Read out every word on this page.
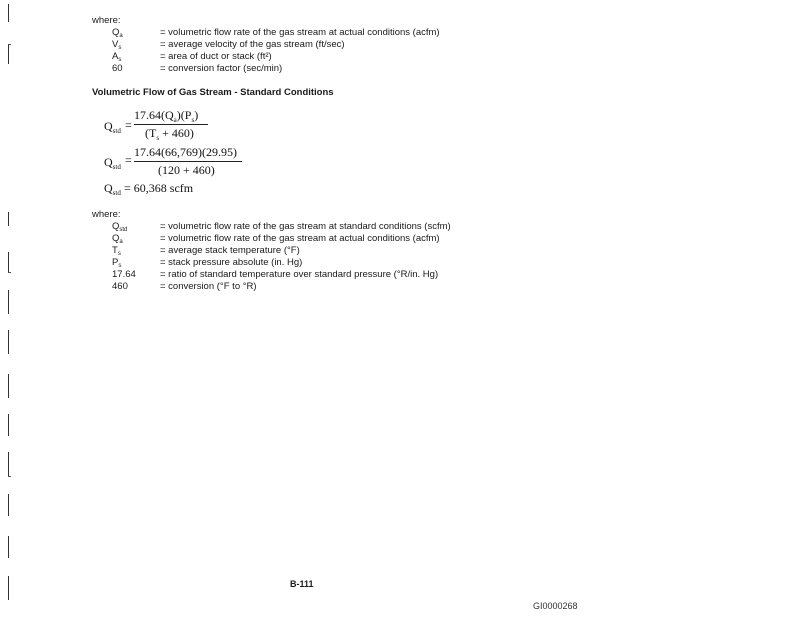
where:
$Q_a$	= volumetric flow rate of the gas stream at actual conditions (acfm)
$V_s$	= average velocity of the gas stream (ft/sec)
$A_s$	= area of duct or stack (ft²)
60	= conversion factor (sec/min)
Volumetric Flow of Gas Stream - Standard Conditions
$Q_{std}$ =
$17.64(Q_a)(P_s)$
$(T_s + 460)$
$Q_{std}$ =
17.64(66,769)(29.95)
(120 + 460)
$Q_{std} = 60,368$ scfm
where:
$Q_{std}$	= volumetric flow rate of the gas stream at standard conditions (scfm)
$Q_a$	= volumetric flow rate of the gas stream at actual conditions (acfm)
$T_s$	= average stack temperature (°F)
$P_s$	= stack pressure absolute (in. Hg)
17.64	= ratio of standard temperature over standard pressure (°R/in. Hg)
460	= conversion (°F to °R)
B-111
GI0000268
